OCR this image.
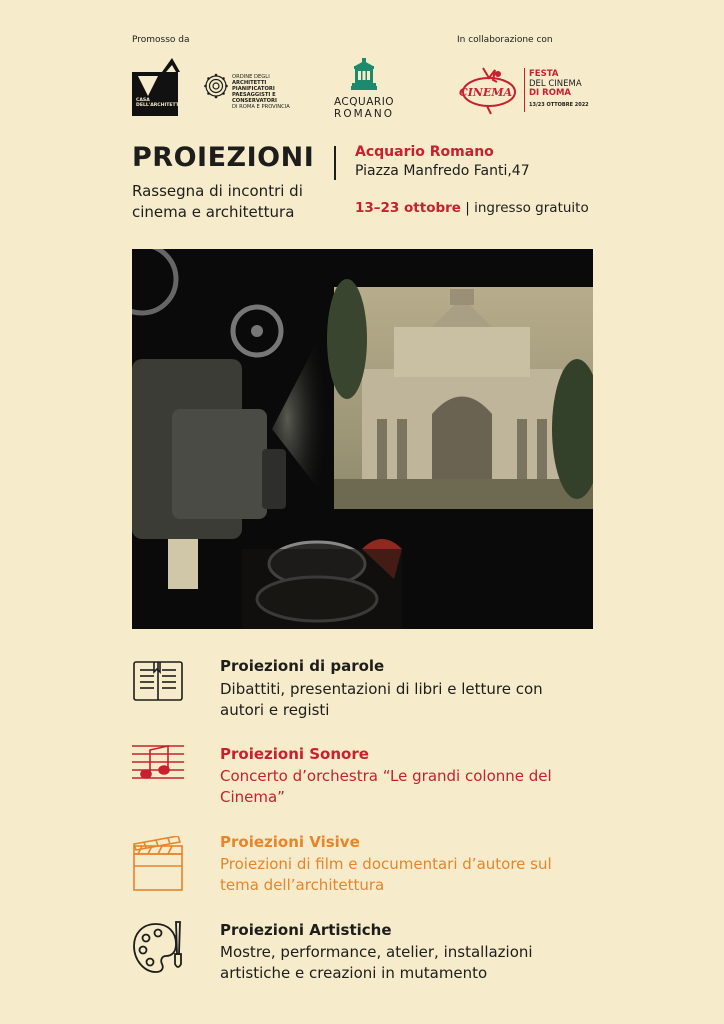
Promosso da	In collaborazione con
CASA
DELL'ARCHITETTURA
ORDINE DEGLI
ARCHITETTI
PIANIFICATORI
PAESAGGISTI E CONSERVATORI
DI ROMA E PROVINCIA	ACQUARIO
ROMANO
CINEMA
FESTA
DEL CINEMA
DI ROMA
13/23 OTTOBRE 2022
PROIEZIONI
Rassegna di incontri di cinema e architettura
Acquario Romano
Piazza Manfredo Fanti,47
13–23 ottobre | ingresso gratuito
Proiezioni di parole
Dibattiti, presentazioni di libri e letture con autori e registi
Proiezioni Sonore
Concerto d’orchestra “Le grandi colonne del Cinema”
Proiezioni Visive
Proiezioni di film e documentari d’autore sul tema dell’architettura
Proiezioni Artistiche
Mostre, performance, atelier, installazioni artistiche e creazioni in mutamento
